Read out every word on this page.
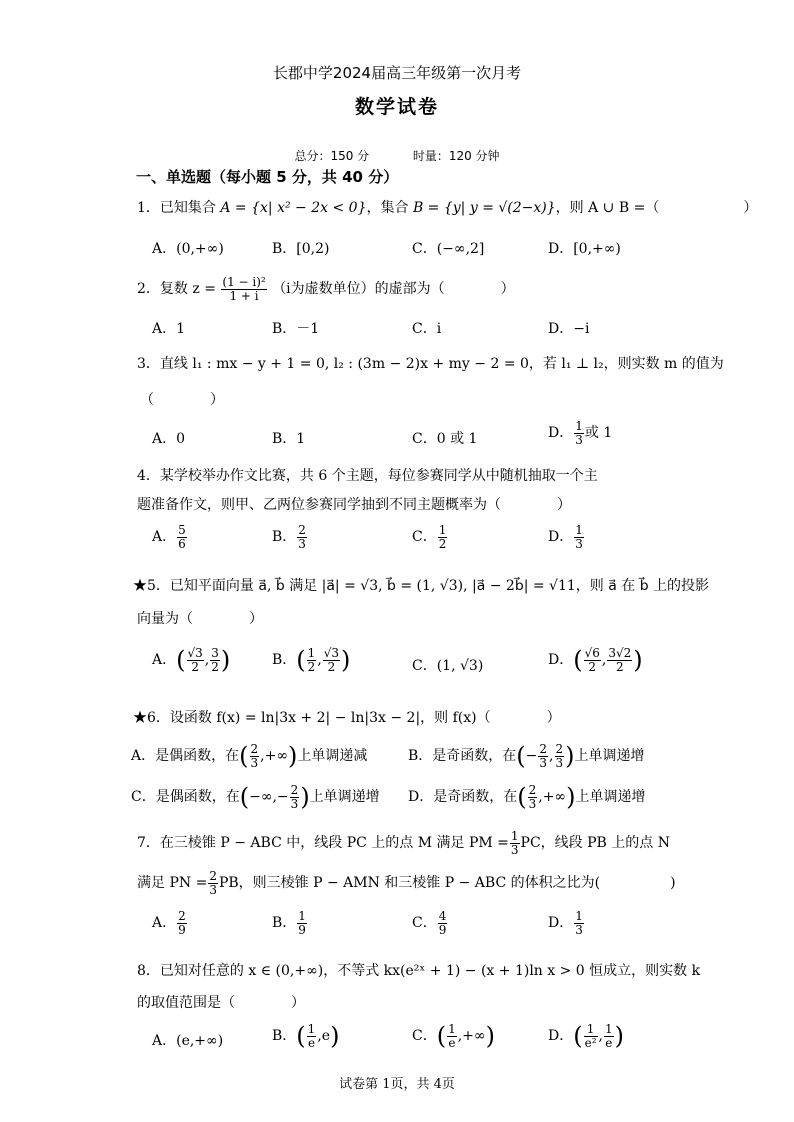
长郡中学2024届高三年级第一次月考
数学试卷
总分：150 分	时量：120 分钟
一、单选题（每小题 5 分，共 40 分）
1．已知集合 A = {x| x² − 2x < 0}，集合 B = {y| y = √(2−x)}，则 A ∪ B =（　　　　　　）
A．(0,+∞)	B．[0,2)	C．(−∞,2]	D．[0,+∞)
2．复数 $z = \frac{\text{(1 − i)²}}{1 + i} (i$为虚数单位）的虚部为（　　　　）
A．1	B．－1	C．i	D．−i
3．直线 l₁ : mx − y + 1 = 0, l₂ : (3m − 2)x + my − 2 = 0，若 l₁ ⊥ l₂，则实数 m 的值为
（　　　　）
A．0	B．1	C．0 或 1	D． $\frac{1}{3}$ 或 1
4．某学校举办作文比赛，共 6 个主题，每位参赛同学从中随机抽取一个主
题准备作文，则甲、乙两位参赛同学抽到不同主题概率为（　　　　）
A． $\frac{5}{6}$	B． $\frac{2}{3}$	C． $\frac{1}{2}$	D． $\frac{1}{3}$
★5．已知平面向量 a⃗, b⃗ 满足 |a⃗| = √3, b⃗ = (1, √3), |a⃗ − 2b⃗| = √11，则 a⃗ 在 b⃗ 上的投影
向量为（　　　　）
A．( $\frac{√3}{2}$ , $\frac{3}{2}$ )	B．( $\frac{1}{2}$ , $\frac{√3}{2}$ )	C．(1, √3)	D．( $\frac{√6}{2}$ , $\frac{3√2}{2}$ )
★6．设函数 f(x) = ln|3x + 2| − ln|3x − 2|，则 f(x)（　　　　）
A．是偶函数，在( $\frac{2}{3}$ ,+∞)上单调递减	B．是奇函数，在(− $\frac{2}{3}$ , $\frac{2}{3}$ )上单调递增
C．是偶函数，在(−∞,− $\frac{2}{3}$ )上单调递增 D．是奇函数，在( $\frac{2}{3}$ ,+∞)上单调递增
7．在三棱锥 P − ABC 中，线段 PC 上的点 M 满足 PM = $\frac{1}{3}$ PC，线段 PB 上的点 N
满足 PN = $\frac{2}{3}$ PB，则三棱锥 P − AMN 和三棱锥 P − ABC 的体积之比为(　　　　　)
A． $\frac{2}{9}$	B． $\frac{1}{9}$	C． $\frac{4}{9}$	D． $\frac{1}{3}$
8．已知对任意的 x ∈ (0,+∞)，不等式 kx(e²ˣ + 1) − (x + 1)ln x > 0 恒成立，则实数 k
的取值范围是（　　　　）
A．(e,+∞)	B．( $\frac{1}{e} ,e$)	C．( $\frac{1}{e}$ ,+∞)	D．( $\frac{1}{\text{e²}}$ , $\frac{1}{e}$ )
试卷第 1页，共 4页
